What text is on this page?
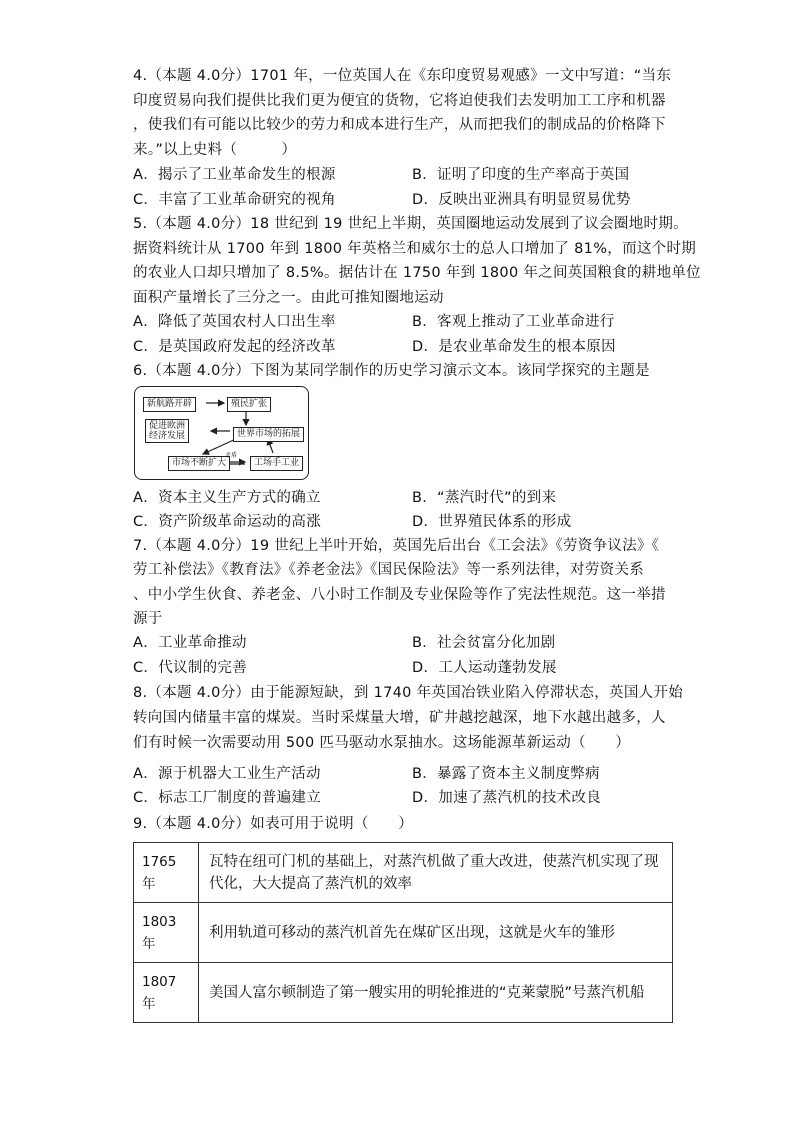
4.（本题 4.0分）1701 年，一位英国人在《东印度贸易观感》一文中写道：“当东
印度贸易向我们提供比我们更为便宜的货物，它将迫使我们去发明加工工序和机器
，使我们有可能以比较少的劳力和成本进行生产，从而把我们的制成品的价格降下
来。”以上史料（　　　）
A．揭示了工业革命发生的根源	B．证明了印度的生产率高于英国
C．丰富了工业革命研究的视角	D．反映出亚洲具有明显贸易优势
5.（本题 4.0分）18 世纪到 19 世纪上半期，英国圈地运动发展到了议会圈地时期。
据资料统计从 1700 年到 1800 年英格兰和威尔士的总人口增加了 81%，而这个时期
的农业人口却只增加了 8.5%。据估计在 1750 年到 1800 年之间英国粮食的耕地单位
面积产量增长了三分之一。由此可推知圈地运动
A．降低了英国农村人口出生率	B．客观上推动了工业革命进行
C．是英国政府发起的经济改革	D．是农业革命发生的根本原因
6.（本题 4.0分）下图为某同学制作的历史学习演示文本。该同学探究的主题是
新航路开辟	殖民扩张
促进欧洲
经济发展	世界市场的拓展
市场不断扩大
矛盾
工场手工业
A．资本主义生产方式的确立	B．“蒸汽时代”的到来
C．资产阶级革命运动的高涨	D．世界殖民体系的形成
7.（本题 4.0分）19 世纪上半叶开始，英国先后出台《工会法》《劳资争议法》《
劳工补偿法》《教育法》《养老金法》《国民保险法》等一系列法律，对劳资关系
、中小学生伙食、养老金、八小时工作制及专业保险等作了宪法性规范。这一举措
源于
A．工业革命推动	B．社会贫富分化加剧
C．代议制的完善	D．工人运动蓬勃发展
8.（本题 4.0分）由于能源短缺，到 1740 年英国冶铁业陷入停滞状态，英国人开始
转向国内储量丰富的煤炭。当时采煤量大增，矿井越挖越深，地下水越出越多，人
们有时候一次需要动用 500 匹马驱动水泵抽水。这场能源革新运动（　　）
A．源于机器大工业生产活动	B．暴露了资本主义制度弊病
C．标志工厂制度的普遍建立	D．加速了蒸汽机的技术改良
9.（本题 4.0分）如表可用于说明（　　）
1765
年	瓦特在纽可门机的基础上，对蒸汽机做了重大改进，使蒸汽机实现了现
代化，大大提高了蒸汽机的效率
1803
年	利用轨道可移动的蒸汽机首先在煤矿区出现，这就是火车的雏形
1807
年	美国人富尔顿制造了第一艘实用的明轮推进的“克莱蒙脱”号蒸汽机船
